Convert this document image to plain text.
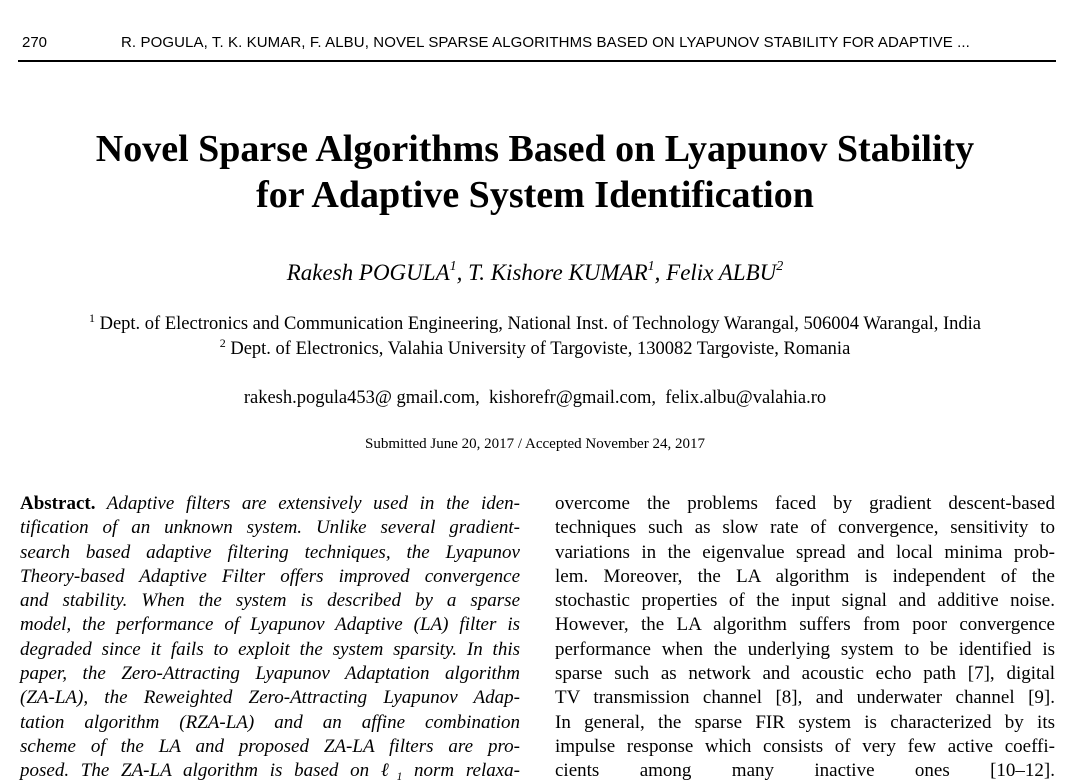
270	R. POGULA, T. K. KUMAR, F. ALBU, NOVEL SPARSE ALGORITHMS BASED ON LYAPUNOV STABILITY FOR ADAPTIVE ...
Novel Sparse Algorithms Based on Lyapunov Stability
for Adaptive System Identification
Rakesh POGULA$^1$, T. Kishore KUMAR$^1$, Felix ALBU$^2$
$^1$ Dept. of Electronics and Communication Engineering, National Inst. of Technology Warangal, 506004 Warangal, India
$^2$ Dept. of Electronics, Valahia University of Targoviste, 130082 Targoviste, Romania
rakesh.pogula453@ gmail.com,  kishorefr@gmail.com,  felix.albu@valahia.ro
Submitted June 20, 2017 / Accepted November 24, 2017
Abstract. Adaptive filters are extensively used in the iden-
tification of an unknown system. Unlike several gradient-
search based adaptive filtering techniques, the Lyapunov
Theory-based Adaptive Filter offers improved convergence
and stability. When the system is described by a sparse
model, the performance of Lyapunov Adaptive (LA) filter is
degraded since it fails to exploit the system sparsity. In this
paper, the Zero-Attracting Lyapunov Adaptation algorithm
(ZA-LA), the Reweighted Zero-Attracting Lyapunov Adap-
tation algorithm (RZA-LA) and an affine combination
scheme of the LA and proposed ZA-LA filters are pro-
posed. The ZA-LA algorithm is based on ℓ₁ norm relaxa-
overcome the problems faced by gradient descent-based
techniques such as slow rate of convergence, sensitivity to
variations in the eigenvalue spread and local minima prob-
lem. Moreover, the LA algorithm is independent of the
stochastic properties of the input signal and additive noise.
However, the LA algorithm suffers from poor convergence
performance when the underlying system to be identified is
sparse such as network and acoustic echo path [7], digital
TV transmission channel [8], and underwater channel [9].
In general, the sparse FIR system is characterized by its
impulse response which consists of very few active coeffi-
cients among many inactive ones [10–12].
